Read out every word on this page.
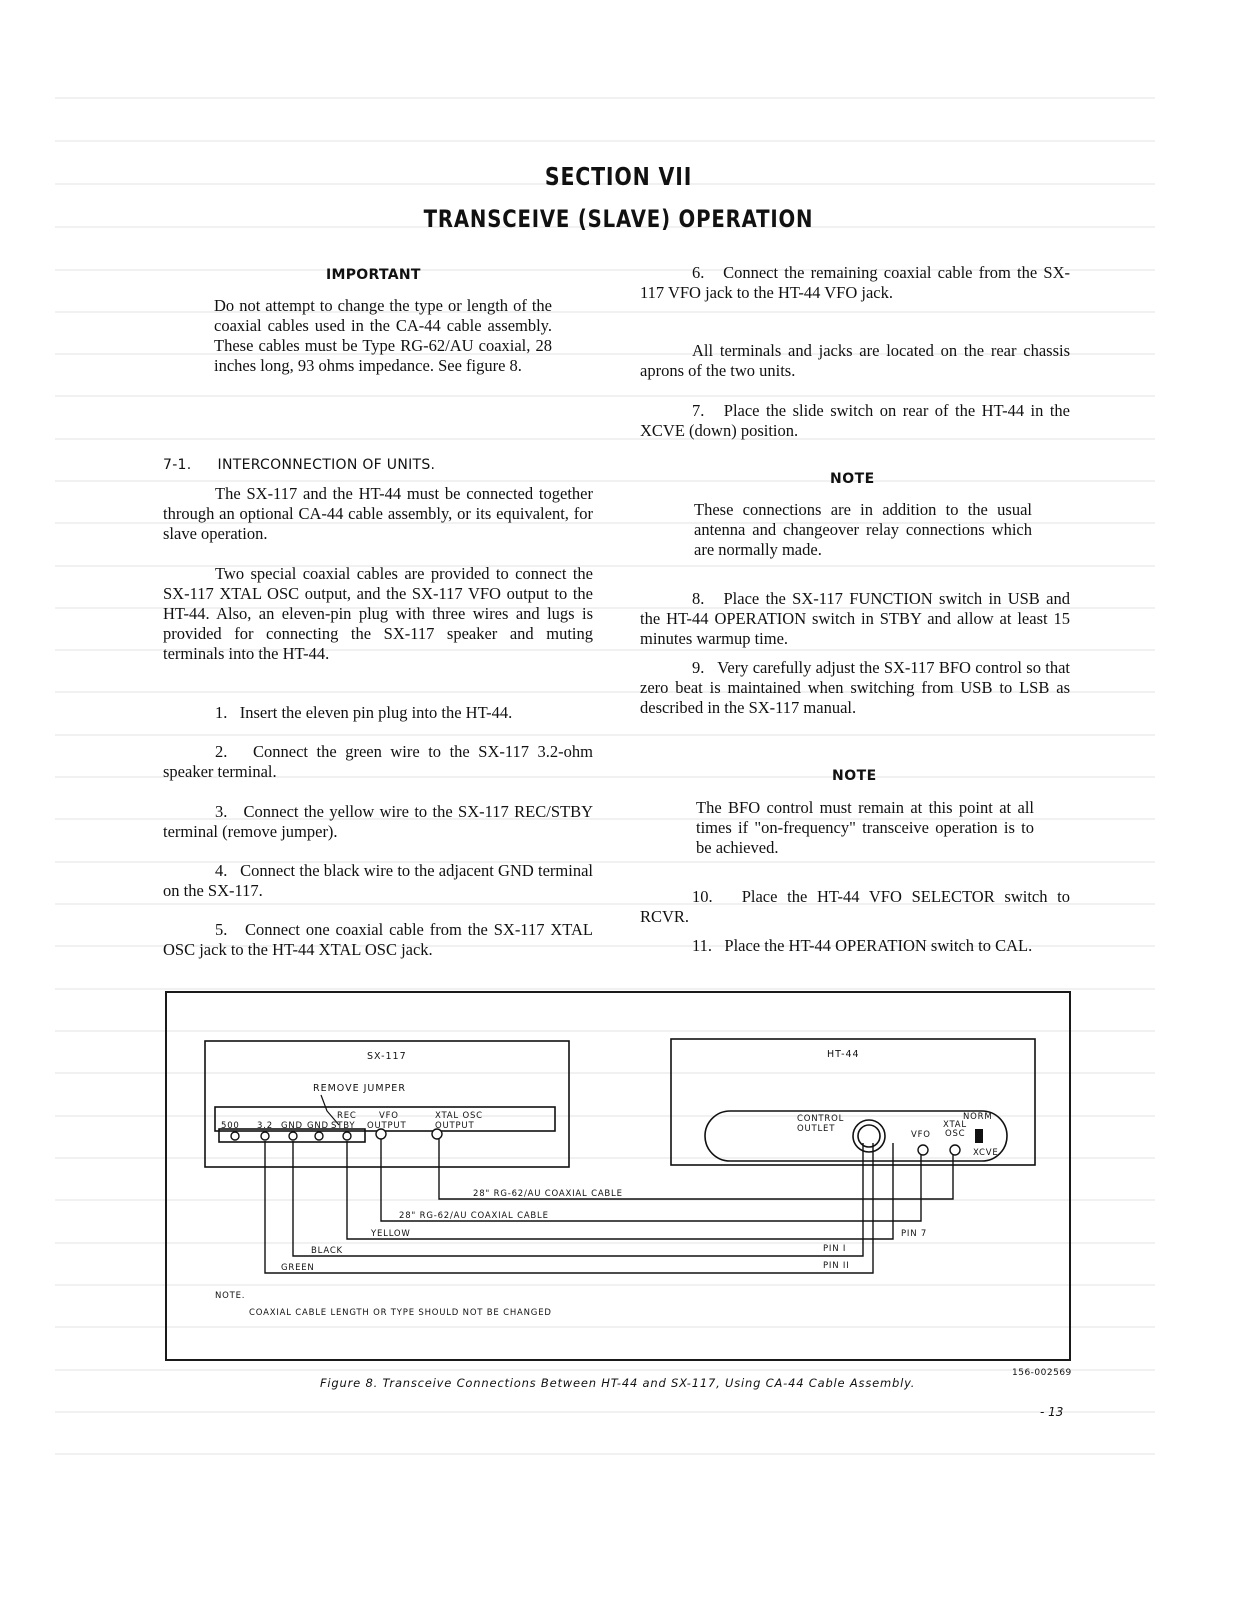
SECTION VII
TRANSCEIVE (SLAVE) OPERATION
IMPORTANT

Do not attempt to change the type or length of the coaxial cables used in the CA-44 cable assembly. These cables must be Type RG-62/AU coaxial, 28 inches long, 93 ohms impedance. See figure 8.

7-1. INTERCONNECTION OF UNITS.

The SX-117 and the HT-44 must be connected together through an optional CA-44 cable assembly, or its equivalent, for slave operation.

Two special coaxial cables are provided to connect the SX-117 XTAL OSC output, and the SX-117 VFO output to the HT-44. Also, an eleven-pin plug with three wires and lugs is provided for connecting the SX-117 speaker and muting terminals into the HT-44.

1. Insert the eleven pin plug into the HT-44.

2. Connect the green wire to the SX-117 3.2-ohm speaker terminal.

3. Connect the yellow wire to the SX-117 REC/STBY terminal (remove jumper).

4. Connect the black wire to the adjacent GND terminal on the SX-117.

5. Connect one coaxial cable from the SX-117 XTAL OSC jack to the HT-44 XTAL OSC jack.

6. Connect the remaining coaxial cable from the SX-117 VFO jack to the HT-44 VFO jack.

All terminals and jacks are located on the rear chassis aprons of the two units.

7. Place the slide switch on rear of the HT-44 in the XCVE (down) position.

NOTE

These connections are in addition to the usual antenna and changeover relay connections which are normally made.

8. Place the SX-117 FUNCTION switch in USB and the HT-44 OPERATION switch in STBY and allow at least 15 minutes warmup time.

9. Very carefully adjust the SX-117 BFO control so that zero beat is maintained when switching from USB to LSB as described in the SX-117 manual.

NOTE

The BFO control must remain at this point at all times if "on-frequency" transceive operation is to be achieved.

10. Place the HT-44 VFO SELECTOR switch to RCVR.

11. Place the HT-44 OPERATION switch to CAL.

SX-117	HT-44
REMOVE JUMPER
500 3.2 GND GND
REC
STBY
VFO
OUTPUT
XTAL OSC
OUTPUT
CONTROL
OUTLET
VFO
XTAL
OSC
NORM
XCVE
28" RG-62/AU COAXIAL CABLE
28" RG-62/AU COAXIAL CABLE
YELLOW
BLACK
GREEN
PIN 7
PIN I
PIN II
NOTE.
COAXIAL CABLE LENGTH OR TYPE SHOULD NOT BE CHANGED
156-002569
Figure 8. Transceive Connections Between HT-44 and SX-117, Using CA-44 Cable Assembly.
- 13
